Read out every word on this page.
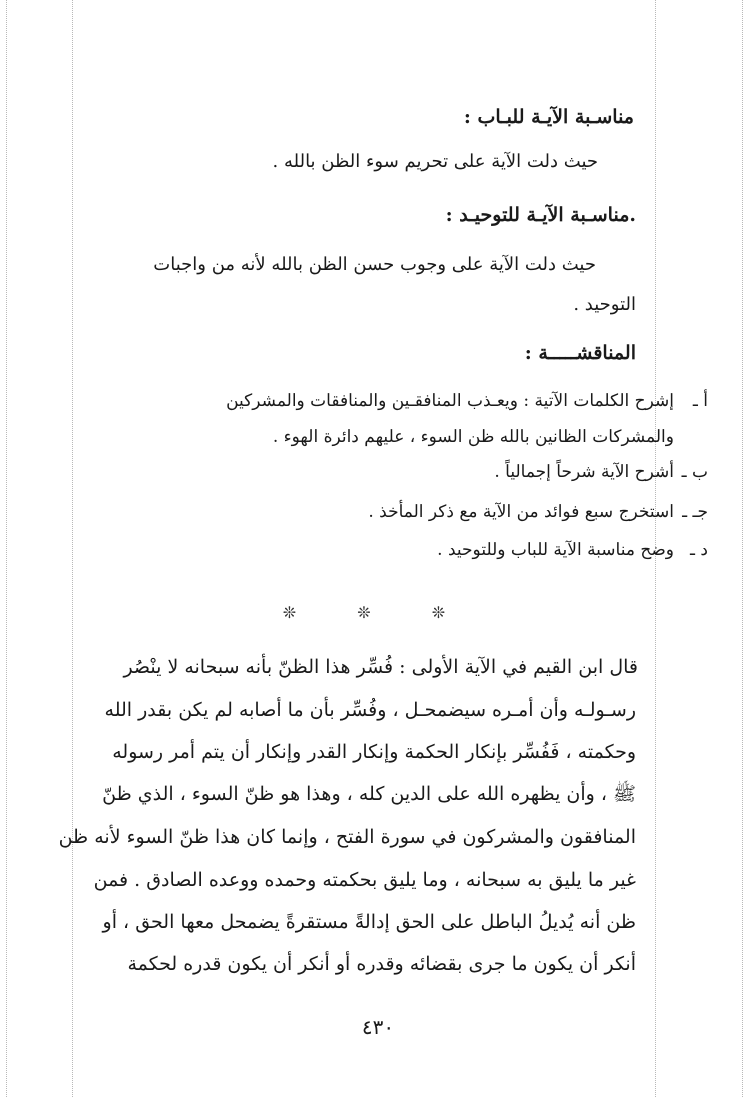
مناسـبة الآيـة للبـاب :
حيث دلت الآية على تحريم سوء الظن بالله .
.مناسـبة الآيـة للتوحيـد :
حيث دلت الآية على وجوب حسن الظن بالله لأنه من واجبات
التوحيد .
المناقشـــــة :
أ ـ
إشرح الكلمات الآتية : ويعـذب المنافقـين والمنافقات والمشركين
والمشركات الظانين بالله ظن السوء ، عليهم دائرة الهوء .
ب ـ
أشرح الآية شرحاً إجمالياً .
جـ ـ
استخرج سبع فوائد من الآية مع ذكر المأخذ .
د ـ
وضح مناسبة الآية للباب وللتوحيد .
❊ ❊ ❊
قال ابن القيم في الآية الأولى : فُسِّر هذا الظنّ بأنه سبحانه لا ينْصُر
رسـولـه وأن أمـره سيضمحـل ، وفُسِّر بأن ما أصابه لم يكن بقدر الله
وحكمته ، فَفُسِّر بإنكار الحكمة وإنكار القدر وإنكار أن يتم أمر رسوله
ﷺ ، وأن يظهره الله على الدين كله ، وهذا هو ظنّ السوء ، الذي ظنّ
المنافقون والمشركون في سورة الفتح ، وإنما كان هذا ظنّ السوء لأنه ظن
غير ما يليق به سبحانه ، وما يليق بحكمته وحمده ووعده الصادق . فمن
ظن أنه يُديلُ الباطل على الحق إدالةً مستقرةً يضمحل معها الحق ، أو
أنكر أن يكون ما جرى بقضائه وقدره أو أنكر أن يكون قدره لحكمة
٤٣٠
